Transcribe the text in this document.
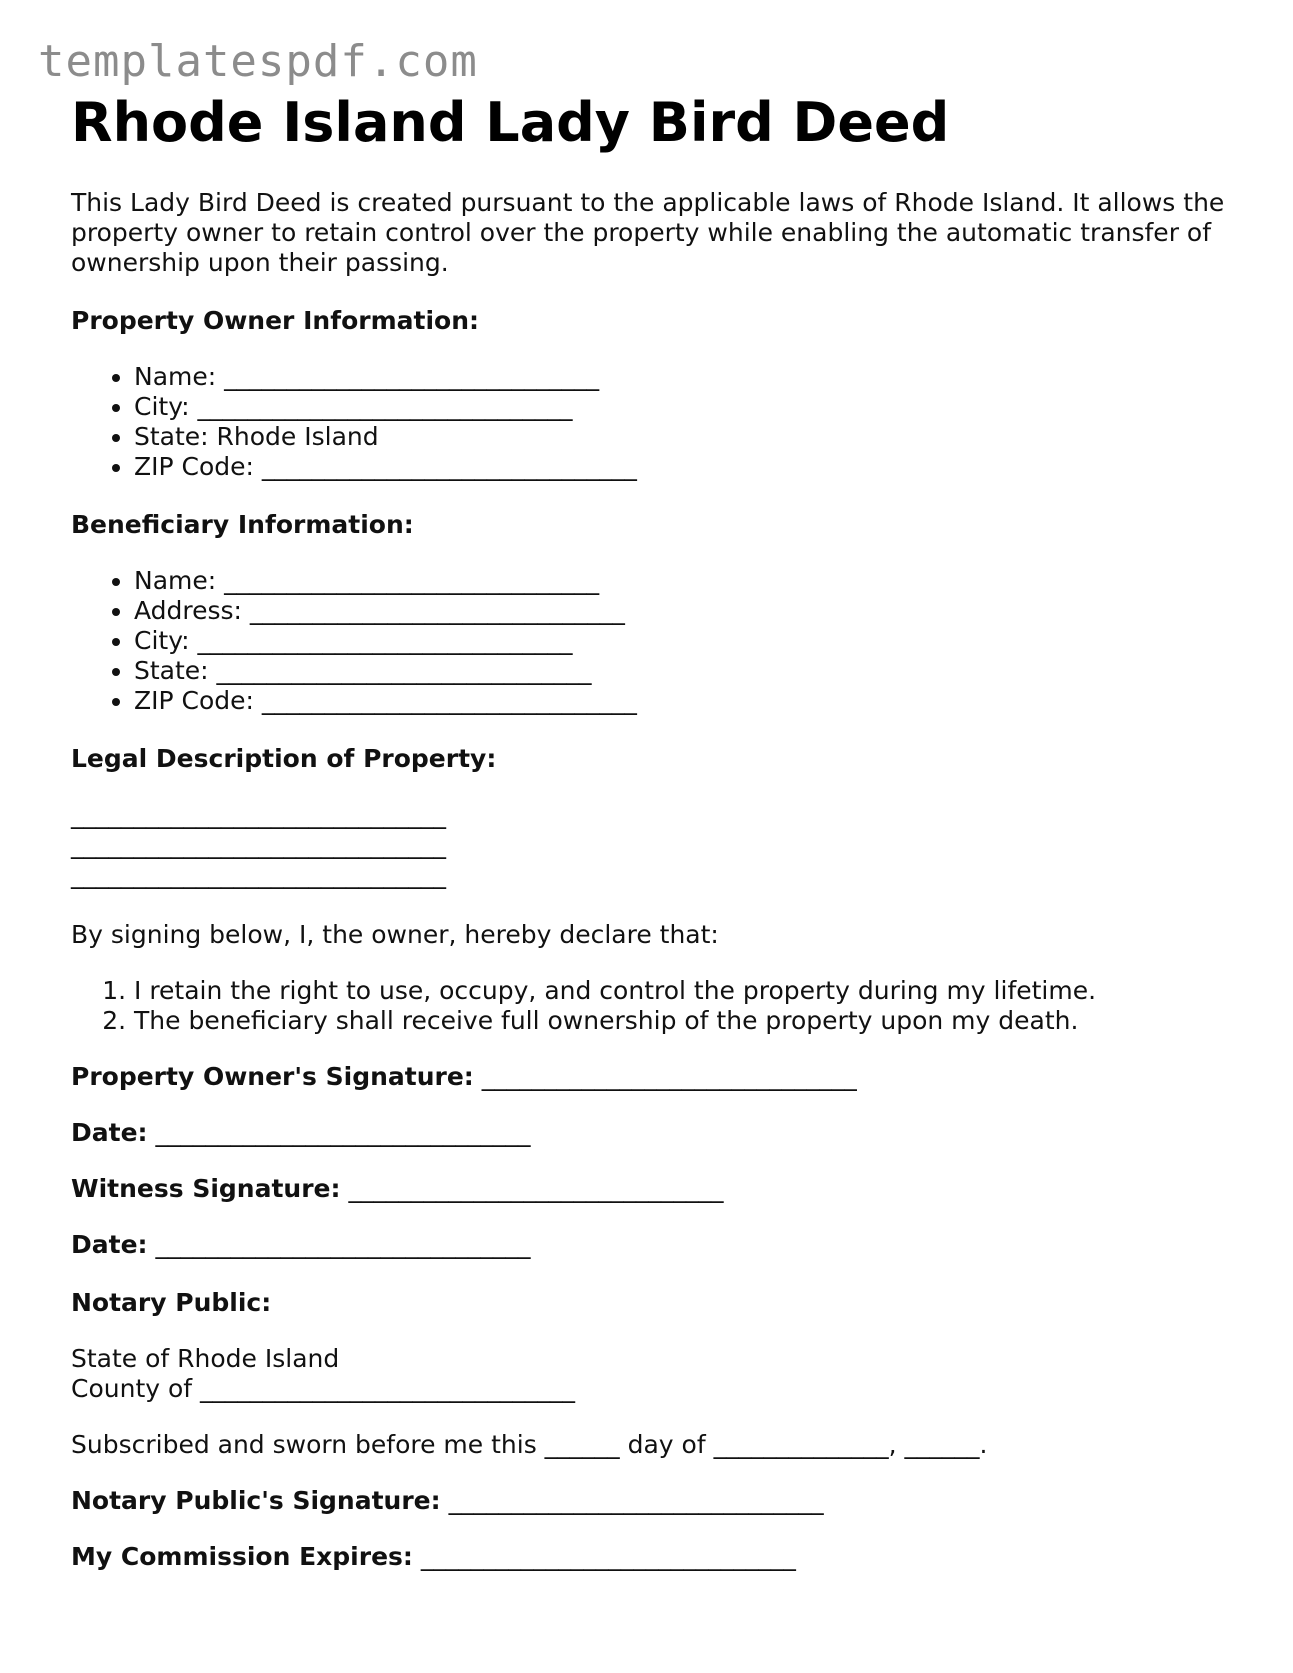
templatespdf.com
Rhode Island Lady Bird Deed

This Lady Bird Deed is created pursuant to the applicable laws of Rhode Island. It allows the property owner to retain control over the property while enabling the automatic transfer of ownership upon their passing.

Property Owner Information:

• Name: ______________________________
• City: ______________________________
• State: Rhode Island
• ZIP Code: ______________________________

Beneficiary Information:

• Name: ______________________________
• Address: ______________________________
• City: ______________________________
• State: ______________________________
• ZIP Code: ______________________________

Legal Description of Property:

______________________________
______________________________
______________________________

By signing below, I, the owner, hereby declare that:

1. I retain the right to use, occupy, and control the property during my lifetime.
2. The beneficiary shall receive full ownership of the property upon my death.

Property Owner's Signature: ______________________________

Date: ______________________________

Witness Signature: ______________________________

Date: ______________________________

Notary Public:

State of Rhode Island

County of ______________________________

Subscribed and sworn before me this ______ day of ______________, ______.

Notary Public's Signature: ______________________________

My Commission Expires: ______________________________
